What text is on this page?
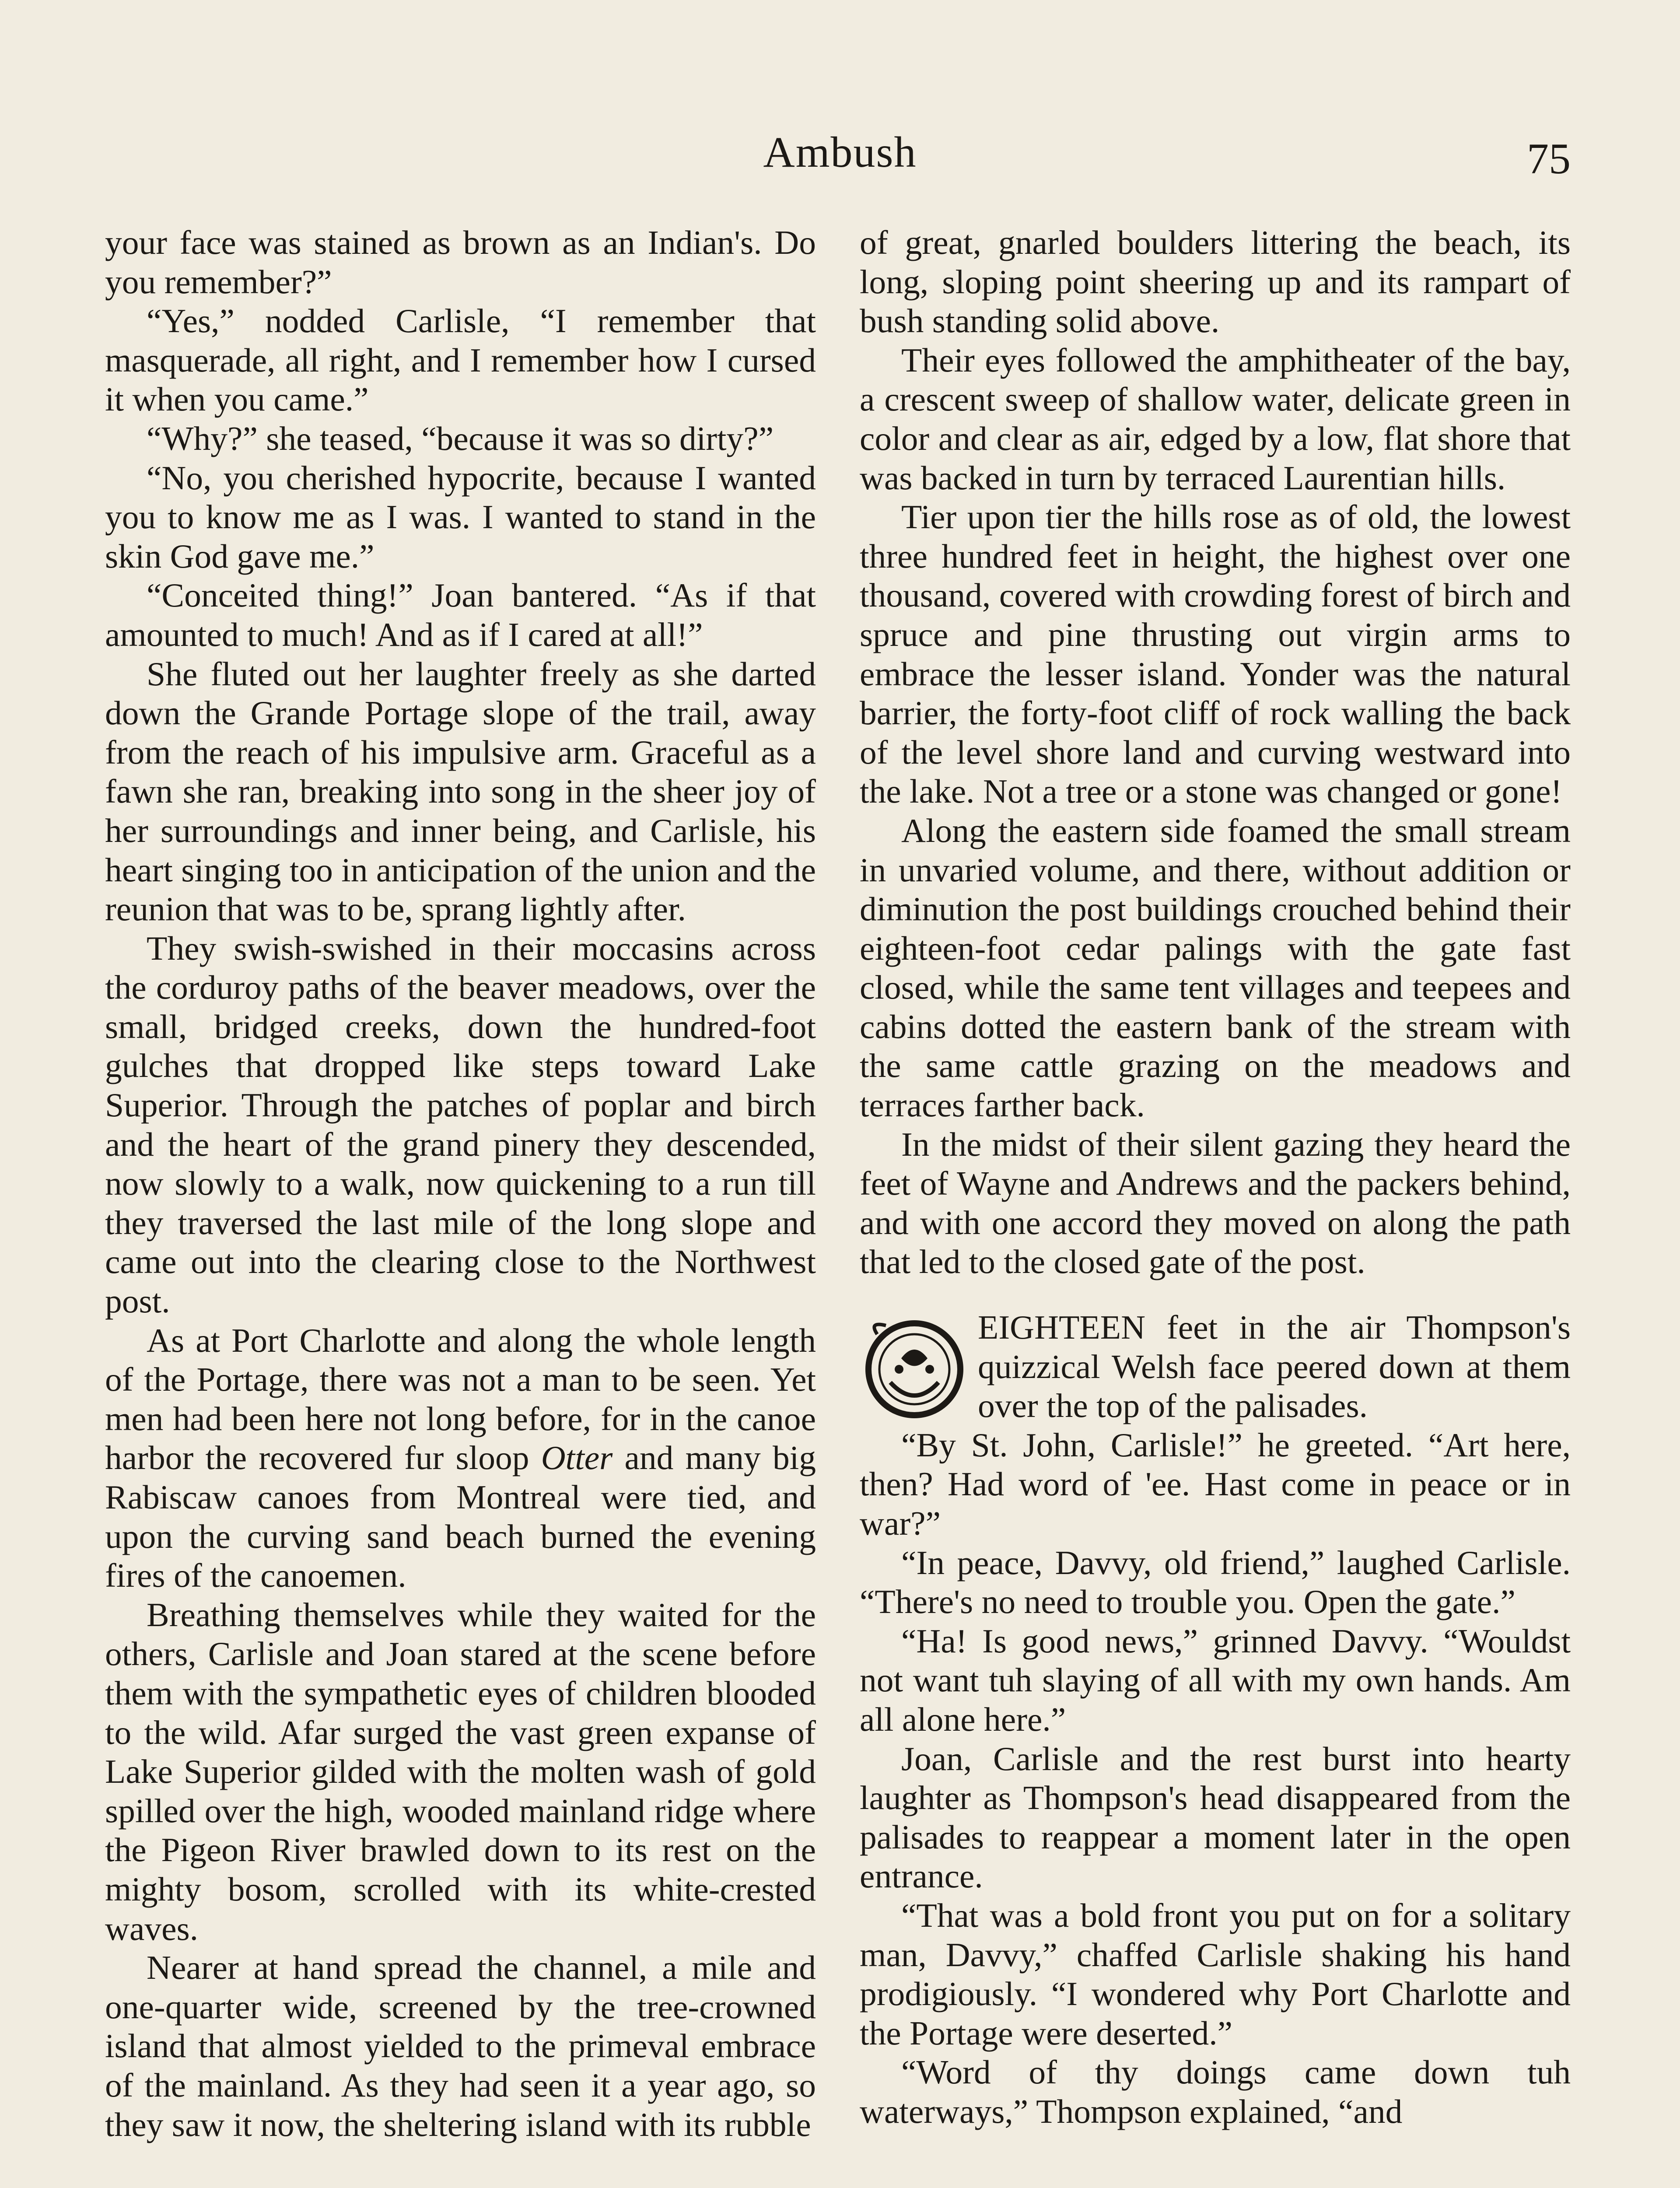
Ambush	75

your face was stained as brown as an Indian's. Do you remember?”

“Yes,” nodded Carlisle, “I remember that masquerade, all right, and I remember how I cursed it when you came.”

“Why?” she teased, “because it was so dirty?”

“No, you cherished hypocrite, because I wanted you to know me as I was. I wanted to stand in the skin God gave me.”

“Conceited thing!” Joan bantered. “As if that amounted to much! And as if I cared at all!”

She fluted out her laughter freely as she darted down the Grande Portage slope of the trail, away from the reach of his impulsive arm. Graceful as a fawn she ran, breaking into song in the sheer joy of her surroundings and inner being, and Carlisle, his heart singing too in anticipation of the union and the reunion that was to be, sprang lightly after.

They swish-swished in their moccasins across the corduroy paths of the beaver meadows, over the small, bridged creeks, down the hundred-foot gulches that dropped like steps toward Lake Superior. Through the patches of poplar and birch and the heart of the grand pinery they descended, now slowly to a walk, now quickening to a run till they traversed the last mile of the long slope and came out into the clearing close to the Northwest post.

As at Port Charlotte and along the whole length of the Portage, there was not a man to be seen. Yet men had been here not long before, for in the canoe harbor the recovered fur sloop Otter and many big Rabiscaw canoes from Montreal were tied, and upon the curving sand beach burned the evening fires of the canoemen.

Breathing themselves while they waited for the others, Carlisle and Joan stared at the scene before them with the sympathetic eyes of children blooded to the wild. Afar surged the vast green expanse of Lake Superior gilded with the molten wash of gold spilled over the high, wooded mainland ridge where the Pigeon River brawled down to its rest on the mighty bosom, scrolled with its white-crested waves.

Nearer at hand spread the channel, a mile and one-quarter wide, screened by the tree-crowned island that almost yielded to the primeval embrace of the mainland. As they had seen it a year ago, so they saw it now, the sheltering island with its rubble

of great, gnarled boulders littering the beach, its long, sloping point sheering up and its rampart of bush standing solid above.

Their eyes followed the amphitheater of the bay, a crescent sweep of shallow water, delicate green in color and clear as air, edged by a low, flat shore that was backed in turn by terraced Laurentian hills.

Tier upon tier the hills rose as of old, the lowest three hundred feet in height, the highest over one thousand, covered with crowding forest of birch and spruce and pine thrusting out virgin arms to embrace the lesser island. Yonder was the natural barrier, the forty-foot cliff of rock walling the back of the level shore land and curving westward into the lake. Not a tree or a stone was changed or gone!

Along the eastern side foamed the small stream in unvaried volume, and there, without addition or diminution the post buildings crouched behind their eighteen-foot cedar palings with the gate fast closed, while the same tent villages and teepees and cabins dotted the eastern bank of the stream with the same cattle grazing on the meadows and terraces farther back.

In the midst of their silent gazing they heard the feet of Wayne and Andrews and the packers behind, and with one accord they moved on along the path that led to the closed gate of the post.

EIGHTEEN feet in the air Thompson's quizzical Welsh face peered down at them over the top of the palisades.

“By St. John, Carlisle!” he greeted. “Art here, then? Had word of 'ee. Hast come in peace or in war?”

“In peace, Davvy, old friend,” laughed Carlisle. “There's no need to trouble you. Open the gate.”

“Ha! Is good news,” grinned Davvy. “Wouldst not want tuh slaying of all with my own hands. Am all alone here.”

Joan, Carlisle and the rest burst into hearty laughter as Thompson's head disappeared from the palisades to reappear a moment later in the open entrance.

“That was a bold front you put on for a solitary man, Davvy,” chaffed Carlisle shaking his hand prodigiously. “I wondered why Port Charlotte and the Portage were deserted.”

“Word of thy doings came down tuh waterways,” Thompson explained, “and
